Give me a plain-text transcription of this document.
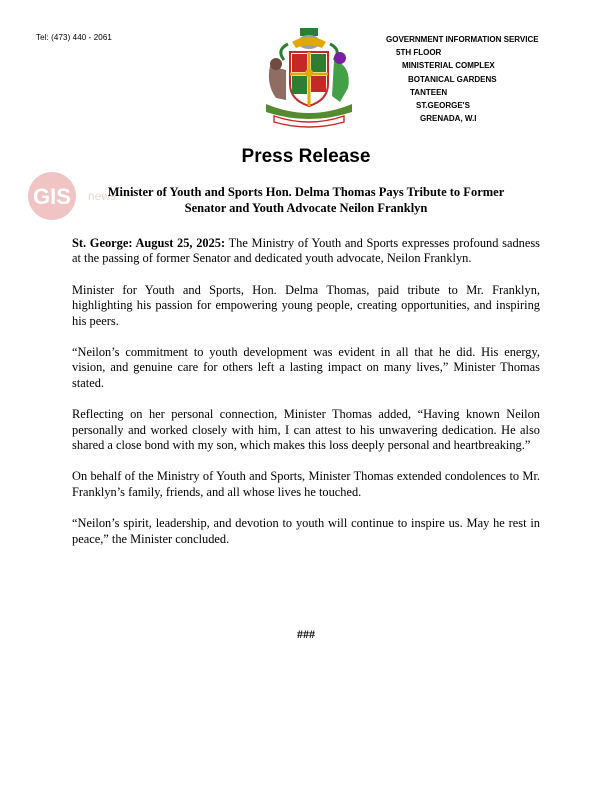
Tel: (473) 440 - 2061	GOVERNMENT INFORMATION SERVICE
5TH FLOOR
MINISTERIAL COMPLEX
BOTANICAL GARDENS
TANTEEN
ST.GEORGE'S
GRENADA, W.I
Press Release
GIS news
Minister of Youth and Sports Hon. Delma Thomas Pays Tribute to Former
Senator and Youth Advocate Neilon Franklyn

St. George: August 25, 2025: The Ministry of Youth and Sports expresses profound sadness at the passing of former Senator and dedicated youth advocate, Neilon Franklyn.

Minister for Youth and Sports, Hon. Delma Thomas, paid tribute to Mr. Franklyn, highlighting his passion for empowering young people, creating opportunities, and inspiring his peers.

“Neilon’s commitment to youth development was evident in all that he did. His energy, vision, and genuine care for others left a lasting impact on many lives,” Minister Thomas stated.

Reflecting on her personal connection, Minister Thomas added, “Having known Neilon personally and worked closely with him, I can attest to his unwavering dedication. He also shared a close bond with my son, which makes this loss deeply personal and heartbreaking.”

On behalf of the Ministry of Youth and Sports, Minister Thomas extended condolences to Mr. Franklyn’s family, friends, and all whose lives he touched.

“Neilon’s spirit, leadership, and devotion to youth will continue to inspire us. May he rest in peace,” the Minister concluded.

###
